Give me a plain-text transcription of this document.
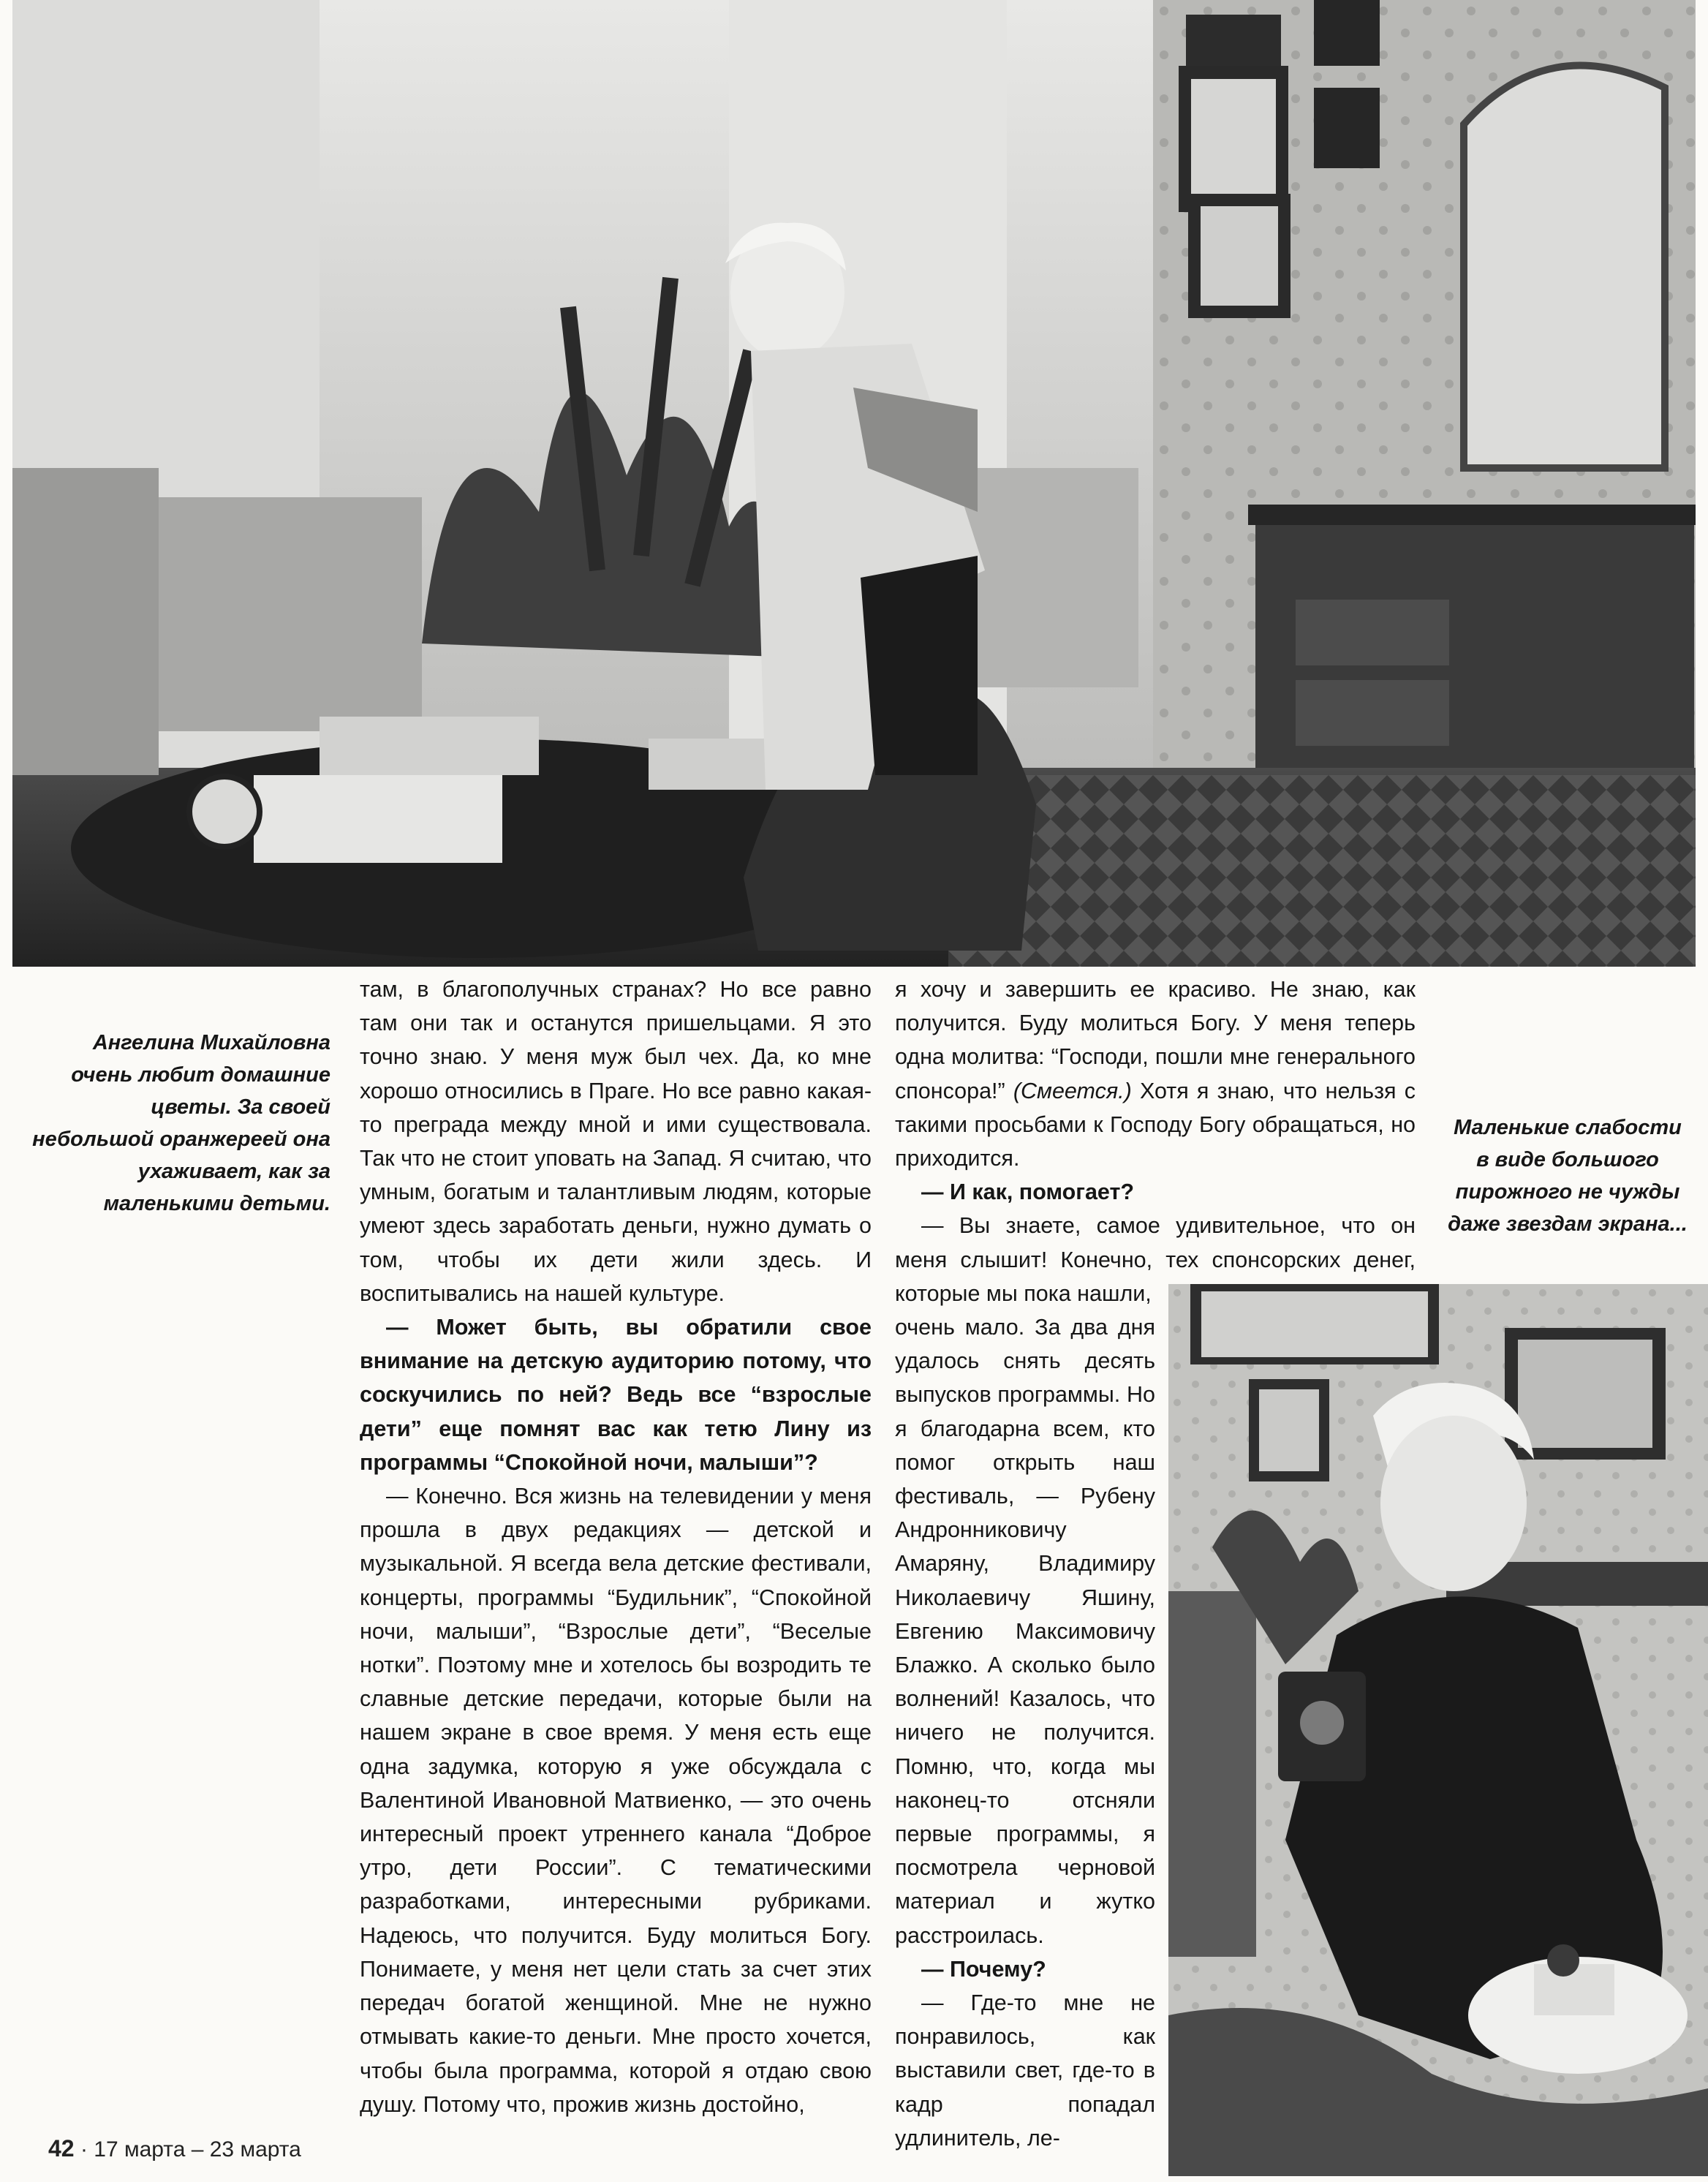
Ангелина Михайловна очень любит домашние цветы. За своей небольшой оранжереей она ухаживает, как за маленькими детьми.

там, в благополучных странах? Но все равно там они так и останутся пришельцами. Я это точно знаю. У меня муж был чех. Да, ко мне хорошо относились в Праге. Но все равно какая-то преграда между мной и ими существовала. Так что не стоит уповать на Запад. Я считаю, что умным, богатым и талантливым людям, которые умеют здесь заработать деньги, нужно думать о том, чтобы их дети жили здесь. И воспитывались на нашей культуре.

— Может быть, вы обратили свое внимание на детскую аудиторию потому, что соскучились по ней? Ведь все “взрослые дети” еще помнят вас как тетю Лину из программы “Спокойной ночи, малыши”?

— Конечно. Вся жизнь на телевидении у меня прошла в двух редакциях — детской и музыкальной. Я всегда вела детские фестивали, концерты, программы “Будильник”, “Спокойной ночи, малыши”, “Взрослые дети”, “Веселые нотки”. Поэтому мне и хотелось бы возродить те славные детские передачи, которые были на нашем экране в свое время. У меня есть еще одна задумка, которую я уже обсуждала с Валентиной Ивановной Матвиенко, — это очень интересный проект утреннего канала “Доброе утро, дети России”. С тематическими разработками, интересными рубриками. Надеюсь, что получится. Буду молиться Богу. Понимаете, у меня нет цели стать за счет этих передач богатой женщиной. Мне не нужно отмывать какие-то деньги. Мне просто хочется, чтобы была программа, которой я отдаю свою душу. Потому что, прожив жизнь достойно,

я хочу и завершить ее красиво. Не знаю, как получится. Буду молиться Богу. У меня теперь одна молитва: “Господи, пошли мне генерального спонсора!” (Смеется.) Хотя я знаю, что нельзя с такими просьбами к Господу Богу обращаться, но приходится.

— И как, помогает?

— Вы знаете, самое удивительное, что он меня слышит! Конечно, тех спонсорских денег, которые мы пока нашли,

очень мало. За два дня удалось снять десять выпусков программы. Но я благодарна всем, кто помог открыть наш фестиваль, — Рубену Андронниковичу Амаряну, Владимиру Николаевичу Яшину, Евгению Максимовичу Блажко. А сколько было волнений! Казалось, что ничего не получится. Помню, что, когда мы наконец-то отсняли первые программы, я посмотрела черновой материал и жутко расстроилась.

— Почему?

— Где-то мне не понравилось, как выставили свет, где-то в кадр попадал удлинитель, ле-

Маленькие слабости в виде большого пирожного не чужды даже звездам экрана...
42 · 17 марта – 23 марта
